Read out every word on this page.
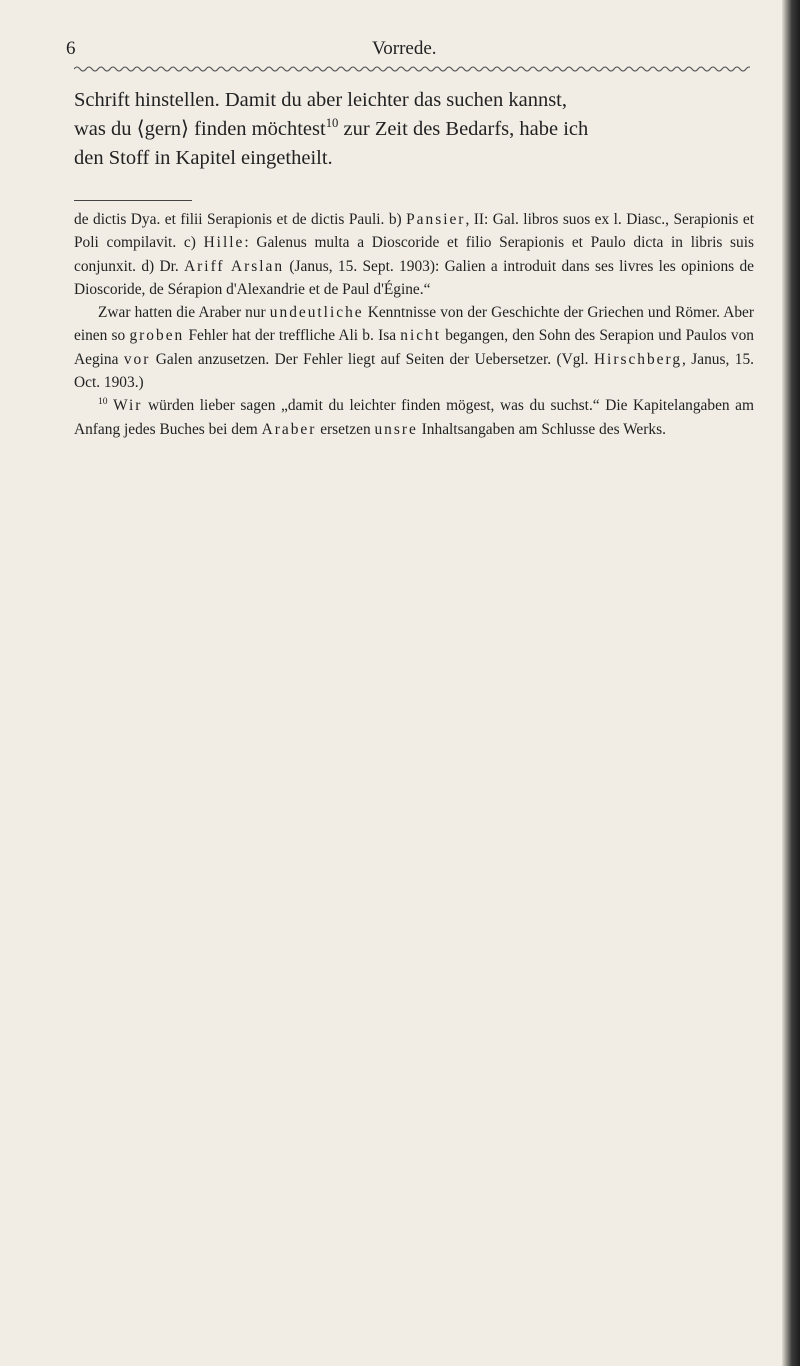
6	Vorrede.

Schrift hinstellen. Damit du aber leichter das suchen kannst,
was du ⟨gern⟩ finden möchtest$^{10}$ zur Zeit des Bedarfs, habe ich
den Stoff in Kapitel eingetheilt.

de dictis Dya. et filii Serapionis et de dictis Pauli. b) Pansier, II: Gal. libros suos ex l. Diasc., Serapionis et Poli compilavit. c) Hille: Galenus multa a Dioscoride et filio Serapionis et Paulo dicta in libris suis conjunxit. d) Dr. Ariff Arslan (Janus, 15. Sept. 1903): Galien a introduit dans ses livres les opinions de Dioscoride, de Sérapion d'Alexandrie et de Paul d'Égine.“

Zwar hatten die Araber nur undeutliche Kenntnisse von der Geschichte der Griechen und Römer. Aber einen so groben Fehler hat der treffliche Ali b. Isa nicht begangen, den Sohn des Serapion und Paulos von Aegina vor Galen anzusetzen. Der Fehler liegt auf Seiten der Uebersetzer. (Vgl. Hirschberg, Janus, 15. Oct. 1903.)

$^{10}$ Wir würden lieber sagen „damit du leichter finden mögest, was du suchst.“ Die Kapitelangaben am Anfang jedes Buches bei dem Araber ersetzen unsre Inhaltsangaben am Schlusse des Werks.
